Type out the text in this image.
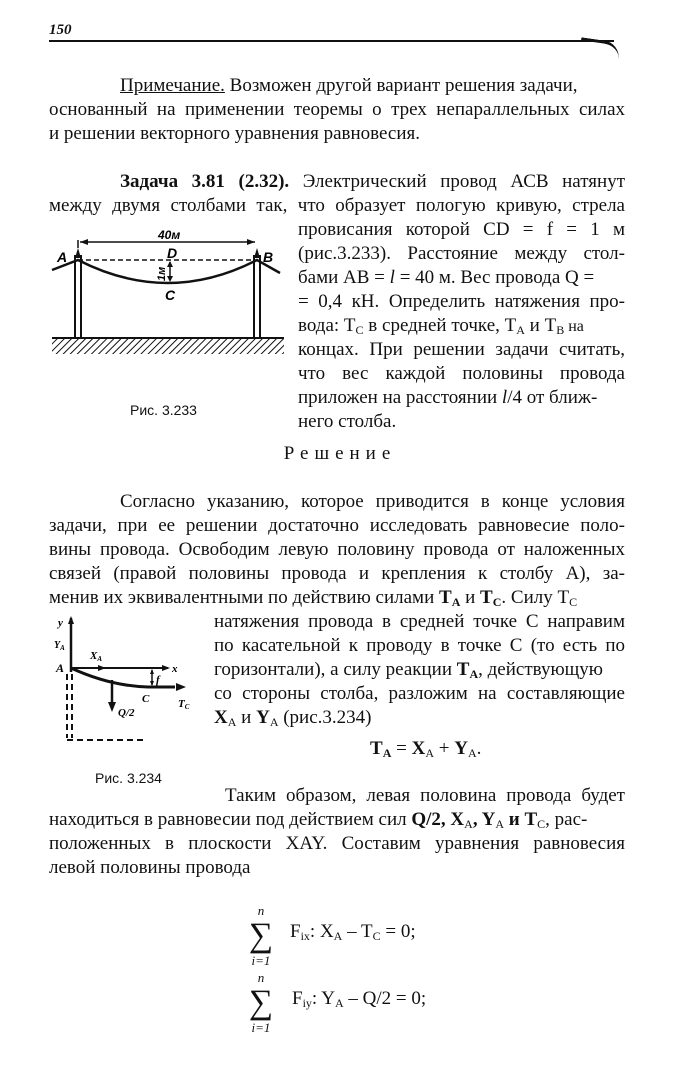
150
Примечание. Возможен другой вариант решения задачи,
основанный на применении теоремы о трех непараллельных силах
и решении векторного уравнения равновесия.
Задача 3.81 (2.32). Электрический провод АСВ натянут
между двумя столбами так, что образует пологую кривую, стрела
провисания которой CD = f = 1 м
(рис.3.233). Расстояние между стол-
бами AB = l = 40 м. Вес провода Q =
= 0,4 кН. Определить натяжения про-
вода: $T_C$ в средней точке, $T_A$ и $T_B$ на
концах. При решении задачи считать,
что вес каждой половины провода
приложен на расстоянии l/4 от ближ-
него столба.
40м
1м
A	B
D
C
Рис. 3.233
Решение
Согласно указанию, которое приводится в конце условия
задачи, при ее решении достаточно исследовать равновесие поло-
вины провода. Освободим левую половину провода от наложенных
связей (правой половины провода и крепления к столбу А), за-
менив их эквивалентными по действию силами $T_A$ и $T_C$. Силу $T_C$
натяжения провода в средней точке С направим
по касательной к проводу в точке С (то есть по
горизонтали), а силу реакции $T_A$, действующую
со стороны столба, разложим на составляющие
$X_A$ и $Y_A$ (рис.3.234)
$T_A = X_A + Y_A$.
y
$Y_A$
x
XA
A
TC
C
f
Q/2
Рис. 3.234
Таким образом, левая половина провода будет
находиться в равновесии под действием сил Q/2, $X_A$, $Y_A$ и $T_C$, рас-
положенных в плоскости XAY. Составим уравнения равновесия
левой половины провода
n
∑
i=1
$F_{ix}$: $X_A - T_C = 0$;
n
∑
i=1
$F_{iy}$: $Y_A - Q/2 = 0$;
